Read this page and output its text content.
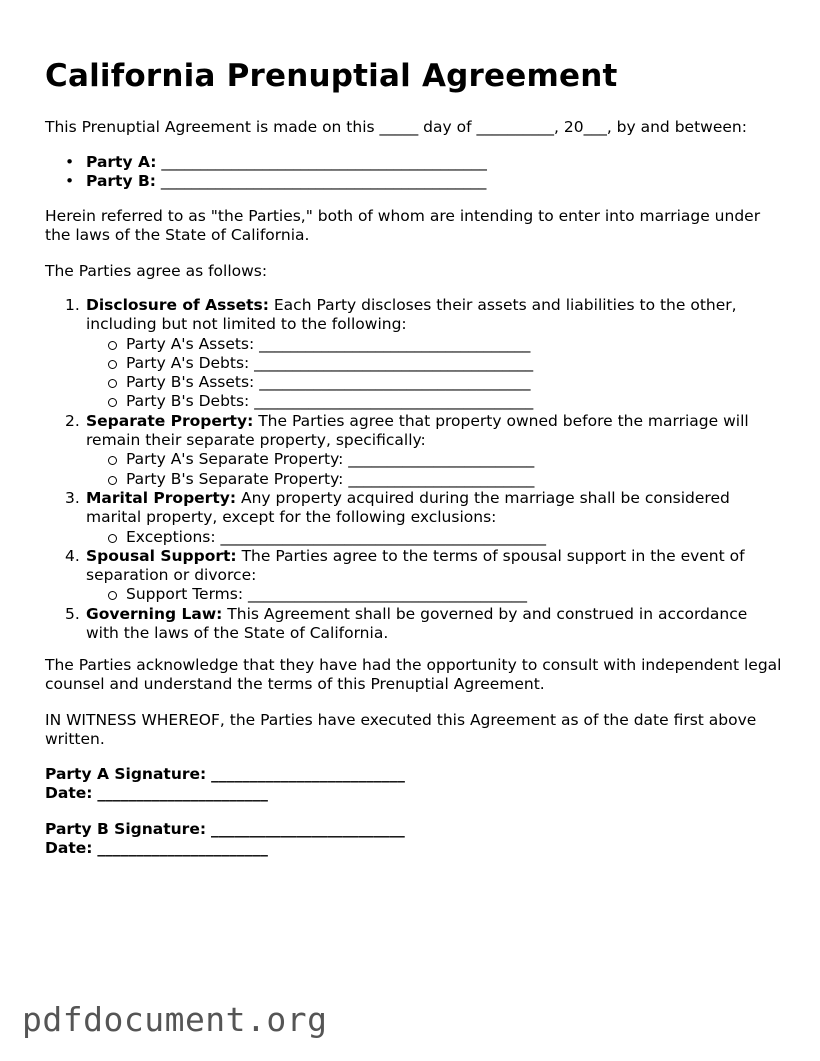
California Prenuptial Agreement

This Prenuptial Agreement is made on this _____ day of __________, 20___, by and between:

• Party A: __________________________________________
• Party B: __________________________________________

Herein referred to as "the Parties," both of whom are intending to enter into marriage under the laws of the State of California.

The Parties agree as follows:

1. Disclosure of Assets: Each Party discloses their assets and liabilities to the other, including but not limited to the following:
Party A's Assets: ___________________________________
Party A's Debts: ____________________________________
Party B's Assets: ___________________________________
Party B's Debts: ____________________________________
2. Separate Property: The Parties agree that property owned before the marriage will remain their separate property, specifically:
Party A's Separate Property: ________________________
Party B's Separate Property: ________________________
3. Marital Property: Any property acquired during the marriage shall be considered marital property, except for the following exclusions:
Exceptions: __________________________________________
4. Spousal Support: The Parties agree to the terms of spousal support in the event of separation or divorce:
Support Terms: ____________________________________
5. Governing Law: This Agreement shall be governed by and construed in accordance with the laws of the State of California.

The Parties acknowledge that they have had the opportunity to consult with independent legal counsel and understand the terms of this Prenuptial Agreement.

IN WITNESS WHEREOF, the Parties have executed this Agreement as of the date first above written.

Party A Signature: _________________________

Date: ______________________

Party B Signature: _________________________

Date: ______________________

pdfdocument.org
